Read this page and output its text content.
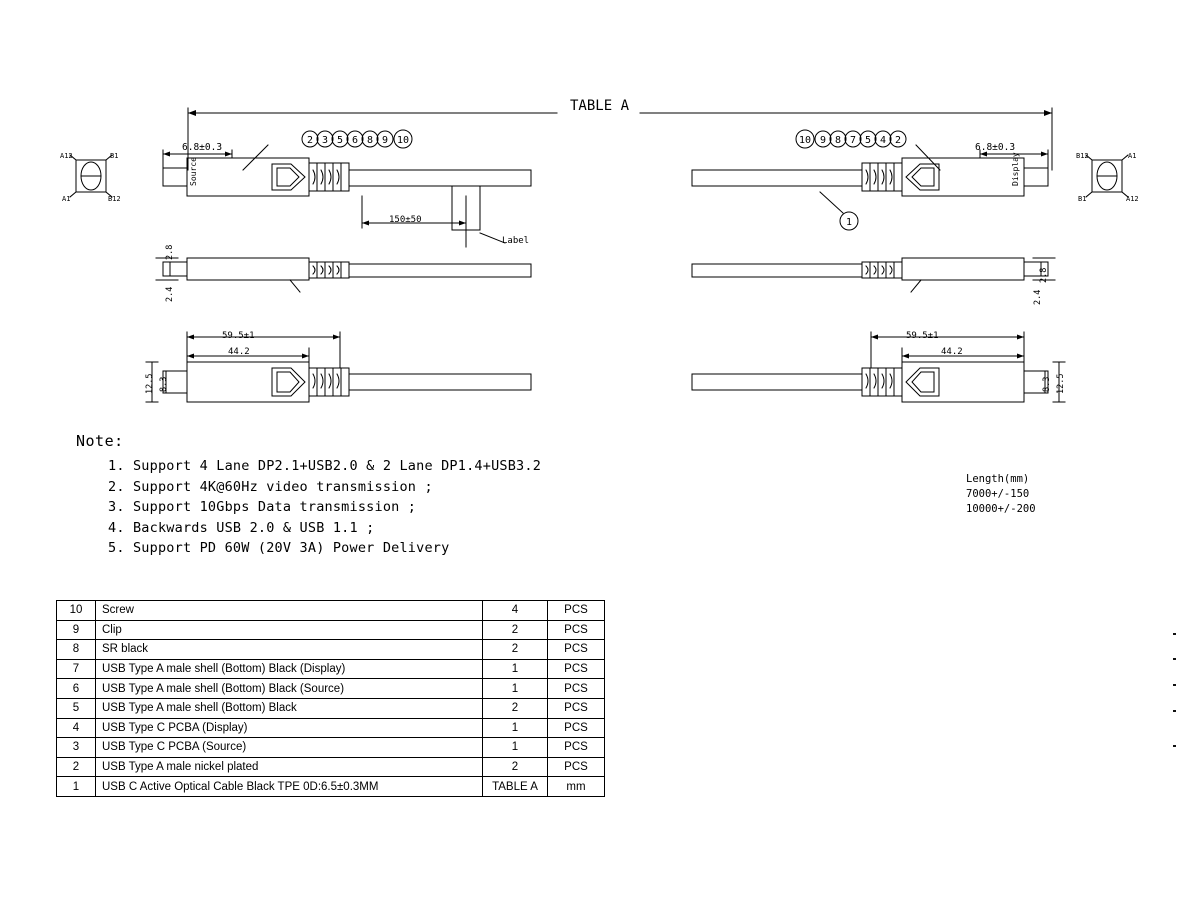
TABLE A
6.8±0.3	6.8±0.3
150±50
Label
59.5±1
44.2
59.5±1
44.2
12.5 8.3	12.5
8.3
2.8
2.4
2.8
2.4
Source	Display
2 3 5 6 8 9 10	10 9 8 7 5 4 2
1
A12	B1
A1	B12
B12	A1
B1	A12
Note:
1. Support 4 Lane DP2.1+USB2.0 & 2 Lane DP1.4+USB3.2
2. Support 4K@60Hz video transmission ;
3. Support 10Gbps Data transmission ;
4. Backwards USB 2.0 & USB 1.1 ;
5. Support PD 60W (20V 3A) Power Delivery
Length(mm)
7000+/-150
10000+/-200
10	Screw	4	PCS
9	Clip	2	PCS
8	SR black	2	PCS
7	USB Type A male shell (Bottom) Black (Display)	1	PCS
6	USB Type A male shell (Bottom) Black (Source)	1	PCS
5	USB Type A male shell (Bottom) Black	2	PCS
4	USB Type C PCBA (Display)	1	PCS
3	USB Type C PCBA (Source)	1	PCS
2	USB Type A male nickel plated	2	PCS
1	USB C Active Optical Cable Black TPE 0D:6.5±0.3MM	TABLE A	mm
